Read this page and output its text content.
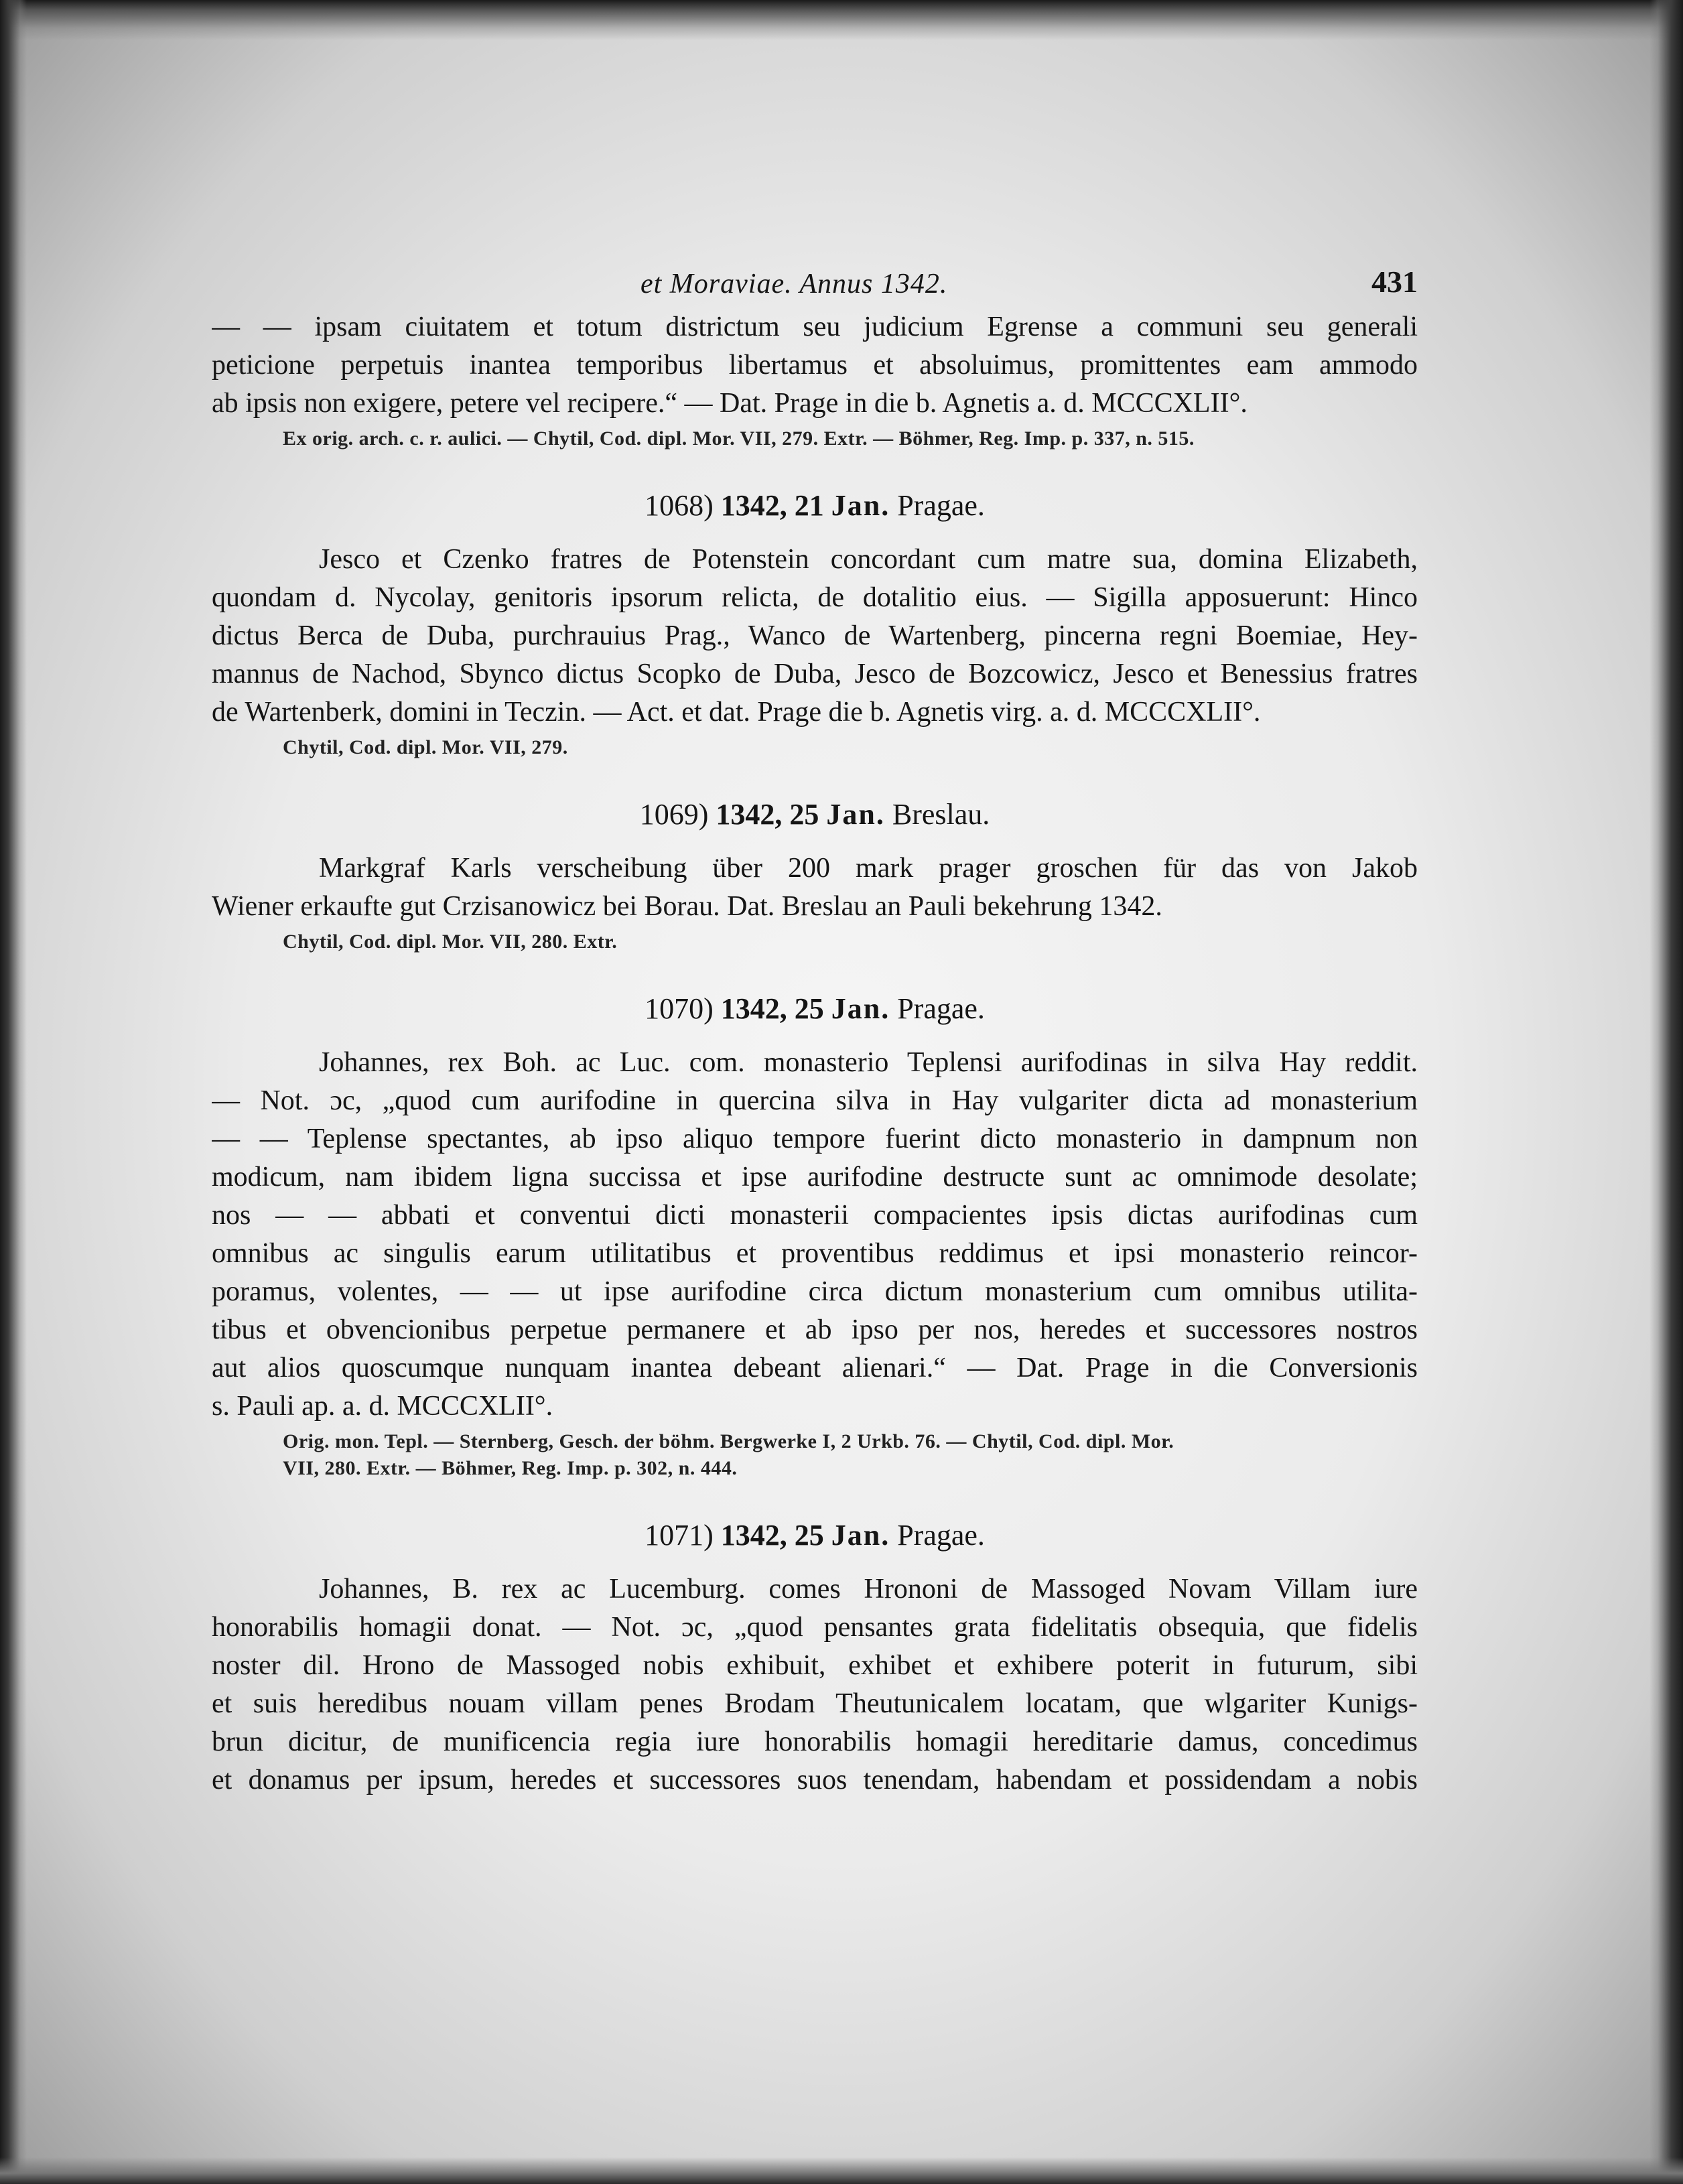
et Moraviae. Annus 1342.	431
— — ipsam ciuitatem et totum districtum seu judicium Egrense a communi seu generali
peticione perpetuis inantea temporibus libertamus et absoluimus, promittentes eam ammodo
ab ipsis non exigere, petere vel recipere.“ — Dat. Prage in die b. Agnetis a. d. MCCCXLII°.
Ex orig. arch. c. r. aulici. — Chytil, Cod. dipl. Mor. VII, 279. Extr. — Böhmer, Reg. Imp. p. 337, n. 515.
1068) 1342, 21 Jan. Pragae.
Jesco et Czenko fratres de Potenstein concordant cum matre sua, domina Elizabeth,
quondam d. Nycolay, genitoris ipsorum relicta, de dotalitio eius. — Sigilla apposuerunt: Hinco
dictus Berca de Duba, purchrauius Prag., Wanco de Wartenberg, pincerna regni Boemiae, Hey-
mannus de Nachod, Sbynco dictus Scopko de Duba, Jesco de Bozcowicz, Jesco et Benessius fratres
de Wartenberk, domini in Teczin. — Act. et dat. Prage die b. Agnetis virg. a. d. MCCCXLII°.
Chytil, Cod. dipl. Mor. VII, 279.
1069) 1342, 25 Jan. Breslau.
Markgraf Karls verscheibung über 200 mark prager groschen für das von Jakob
Wiener erkaufte gut Crzisanowicz bei Borau. Dat. Breslau an Pauli bekehrung 1342.
Chytil, Cod. dipl. Mor. VII, 280. Extr.
1070) 1342, 25 Jan. Pragae.
Johannes, rex Boh. ac Luc. com. monasterio Teplensi aurifodinas in silva Hay reddit.
— Not. ɔc, „quod cum aurifodine in quercina silva in Hay vulgariter dicta ad monasterium
— — Teplense spectantes, ab ipso aliquo tempore fuerint dicto monasterio in dampnum non
modicum, nam ibidem ligna succissa et ipse aurifodine destructe sunt ac omnimode desolate;
nos — — abbati et conventui dicti monasterii compacientes ipsis dictas aurifodinas cum
omnibus ac singulis earum utilitatibus et proventibus reddimus et ipsi monasterio reincor-
poramus, volentes, — — ut ipse aurifodine circa dictum monasterium cum omnibus utilita-
tibus et obvencionibus perpetue permanere et ab ipso per nos, heredes et successores nostros
aut alios quoscumque nunquam inantea debeant alienari.“ — Dat. Prage in die Conversionis
s. Pauli ap. a. d. MCCCXLII°.
Orig. mon. Tepl. — Sternberg, Gesch. der böhm. Bergwerke I, 2 Urkb. 76. — Chytil, Cod. dipl. Mor.
VII, 280. Extr. — Böhmer, Reg. Imp. p. 302, n. 444.
1071) 1342, 25 Jan. Pragae.
Johannes, B. rex ac Lucemburg. comes Hrononi de Massoged Novam Villam iure
honorabilis homagii donat. — Not. ɔc, „quod pensantes grata fidelitatis obsequia, que fidelis
noster dil. Hrono de Massoged nobis exhibuit, exhibet et exhibere poterit in futurum, sibi
et suis heredibus nouam villam penes Brodam Theutunicalem locatam, que wlgariter Kunigs-
brun dicitur, de munificencia regia iure honorabilis homagii hereditarie damus, concedimus
et donamus per ipsum, heredes et successores suos tenendam, habendam et possidendam a nobis
